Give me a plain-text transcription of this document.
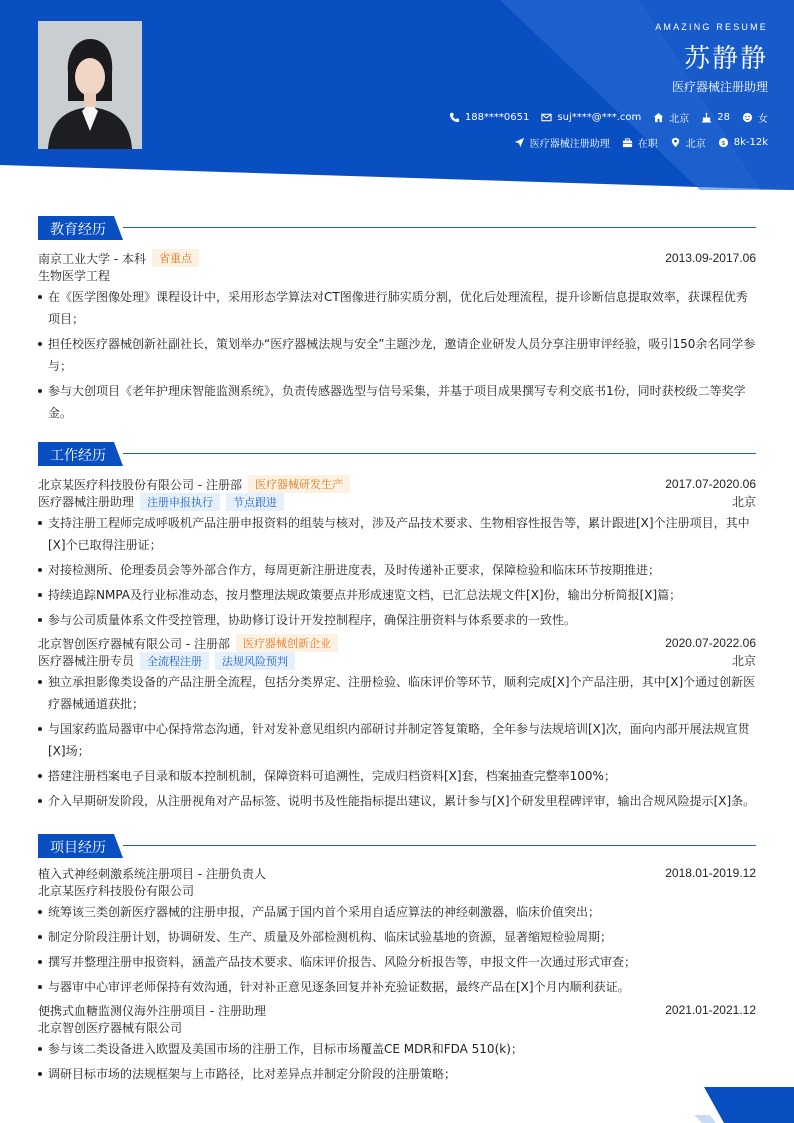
AMAZING RESUME
苏静静
医疗器械注册助理
188****0651	suj****@***.com	北京	28	女
医疗器械注册助理	在职	北京 $ 8k-12k
教育经历
南京工业大学 - 本科	省重点	2013.09-2017.06
生物医学工程
在《医学图像处理》课程设计中，采用形态学算法对CT图像进行肺实质分割，优化后处理流程，提升诊断信息提取效率，获课程优秀项目；
担任校医疗器械创新社副社长，策划举办“医疗器械法规与安全”主题沙龙，邀请企业研发人员分享注册审评经验，吸引150余名同学参与；
参与大创项目《老年护理床智能监测系统》，负责传感器选型与信号采集，并基于项目成果撰写专利交底书1份，同时获校级二等奖学金。
工作经历
北京某医疗科技股份有限公司 - 注册部	医疗器械研发生产	2017.07-2020.06
医疗器械注册助理	注册申报执行	节点跟进	北京
支持注册工程师完成呼吸机产品注册申报资料的组装与核对，涉及产品技术要求、生物相容性报告等，累计跟进[X]个注册项目，其中[X]个已取得注册证；
对接检测所、伦理委员会等外部合作方，每周更新注册进度表，及时传递补正要求，保障检验和临床环节按期推进；
持续追踪NMPA及行业标准动态，按月整理法规政策要点并形成速览文档，已汇总法规文件[X]份，输出分析简报[X]篇；
参与公司质量体系文件受控管理，协助修订设计开发控制程序，确保注册资料与体系要求的一致性。
北京智创医疗器械有限公司 - 注册部	医疗器械创新企业	2020.07-2022.06
医疗器械注册专员	全流程注册	法规风险预判	北京
独立承担影像类设备的产品注册全流程，包括分类界定、注册检验、临床评价等环节，顺利完成[X]个产品注册，其中[X]个通过创新医疗器械通道获批；
与国家药监局器审中心保持常态沟通，针对发补意见组织内部研讨并制定答复策略，全年参与法规培训[X]次，面向内部开展法规宣贯[X]场；
搭建注册档案电子目录和版本控制机制，保障资料可追溯性，完成归档资料[X]套，档案抽查完整率100%；
介入早期研发阶段，从注册视角对产品标签、说明书及性能指标提出建议，累计参与[X]个研发里程碑评审，输出合规风险提示[X]条。
项目经历
植入式神经刺激系统注册项目 - 注册负责人	2018.01-2019.12
北京某医疗科技股份有限公司
统筹该三类创新医疗器械的注册申报，产品属于国内首个采用自适应算法的神经刺激器，临床价值突出；
制定分阶段注册计划，协调研发、生产、质量及外部检测机构、临床试验基地的资源，显著缩短检验周期；
撰写并整理注册申报资料，涵盖产品技术要求、临床评价报告、风险分析报告等，申报文件一次通过形式审查；
与器审中心审评老师保持有效沟通，针对补正意见逐条回复并补充验证数据，最终产品在[X]个月内顺利获证。
便携式血糖监测仪海外注册项目 - 注册助理	2021.01-2021.12
北京智创医疗器械有限公司
参与该二类设备进入欧盟及美国市场的注册工作，目标市场覆盖CE MDR和FDA 510(k)；
调研目标市场的法规框架与上市路径，比对差异点并制定分阶段的注册策略；
